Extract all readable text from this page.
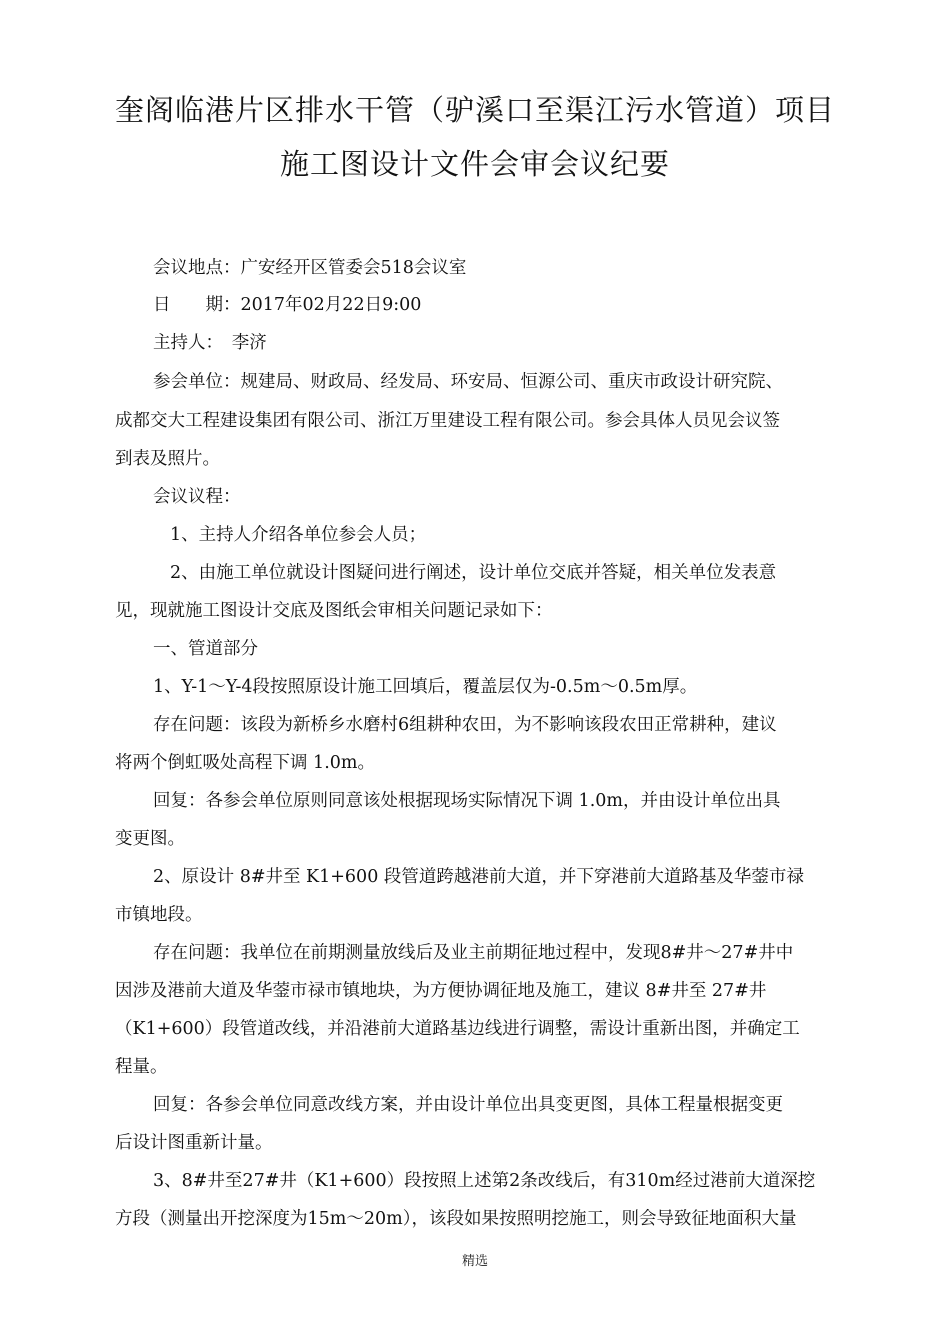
奎阁临港片区排水干管（驴溪口至渠江污水管道）项目
施工图设计文件会审会议纪要

会议地点：广安经开区管委会518会议室

日　　期：2017年02月22日9:00

主持人：　李济

参会单位：规建局、财政局、经发局、环安局、恒源公司、重庆市政设计研究院、

成都交大工程建设集团有限公司、浙江万里建设工程有限公司。参会具体人员见会议签

到表及照片。

会议议程：

1、主持人介绍各单位参会人员；

2、由施工单位就设计图疑问进行阐述，设计单位交底并答疑，相关单位发表意

见，现就施工图设计交底及图纸会审相关问题记录如下：

一、管道部分

1、Y-1～Y-4段按照原设计施工回填后，覆盖层仅为-0.5m～0.5m厚。

存在问题：该段为新桥乡水磨村6组耕种农田，为不影响该段农田正常耕种，建议

将两个倒虹吸处高程下调 1.0m。

回复：各参会单位原则同意该处根据现场实际情况下调 1.0m，并由设计单位出具

变更图。

2、原设计 8#井至 K1+600 段管道跨越港前大道，并下穿港前大道路基及华蓥市禄

市镇地段。

存在问题：我单位在前期测量放线后及业主前期征地过程中，发现8#井～27#井中

因涉及港前大道及华蓥市禄市镇地块，为方便协调征地及施工，建议 8#井至 27#井

（K1+600）段管道改线，并沿港前大道路基边线进行调整，需设计重新出图，并确定工

程量。

回复：各参会单位同意改线方案，并由设计单位出具变更图，具体工程量根据变更

后设计图重新计量。

3、8#井至27#井（K1+600）段按照上述第2条改线后，有310m经过港前大道深挖

方段（测量出开挖深度为15m～20m），该段如果按照明挖施工，则会导致征地面积大量

精选
